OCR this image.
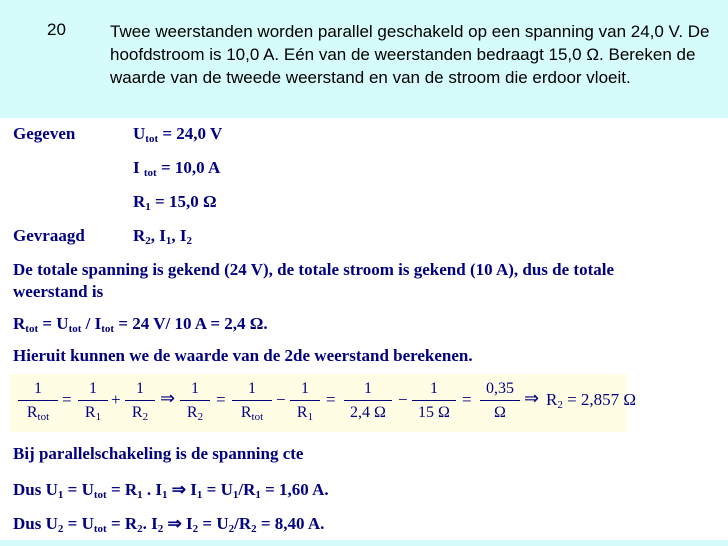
20	Twee weerstanden worden parallel geschakeld op een spanning van 24,0 V. De hoofdstroom is 10,0 A. Eén van de weerstanden bedraagt 15,0 Ω. Bereken de waarde van de tweede weerstand en van de stroom die erdoor vloeit.
Gegeven	$U_{tot} = 24,0$ V
I $_{tot}$ = 10,0 A
$R_1 = 15,0$ Ω
Gevraagd	$R_2$, $I_1$, $I_2$
De totale spanning is gekend (24 V), de totale stroom is gekend (10 A), dus de totale
weerstand is
$R_{tot} = U_{tot} / I_{tot} = 24$ V/ 10 A = 2,4 Ω.
Hieruit kunnen we de waarde van de 2de weerstand berekenen.
1
$R_{tot}$
=
1
$R_1$
+
1
$R_2$
⇒ 1
$R_2$
=
1
$R_{tot}$
−
1
$R_1$
=
1
2,4 Ω
−
1
15 Ω
=
0,35
Ω
⇒ $R_2 = 2,857$ Ω
Bij parallelschakeling is de spanning cte
Dus $U_1 = U_{tot} = R_1$ . $I_1$ ⇒ $I_1 = U_1/R_1 = 1,60$ A.
Dus $U_2 = U_{tot} = R_2$. $I_2$ ⇒ $I_2 = U_2/R_2 = 8,40$ A.
